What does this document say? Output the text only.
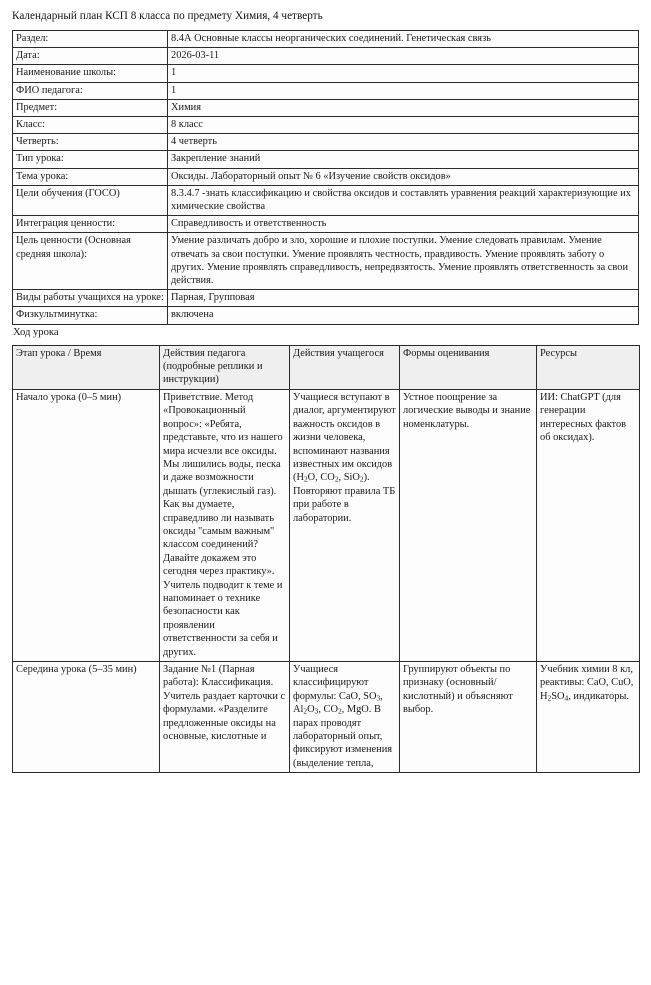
Календарный план КСП 8 класса по предмету Химия, 4 четверть
Раздел:	8.4А Основные классы неорганических соединений. Генетическая связь
Дата:	2026-03-11
Наименование школы:	1
ФИО педагога:	1
Предмет:	Химия
Класс:	8 класс
Четверть:	4 четверть
Тип урока:	Закрепление знаний
Тема урока:	Оксиды. Лабораторный опыт № 6 «Изучение свойств оксидов»
Цели обучения (ГОСО)	8.3.4.7 -знать классификацию и свойства оксидов и составлять уравнения реакций характеризующие их химические свойства
Интеграция ценности:	Справедливость и ответственность
Цель ценности (Основная средняя школа):	Умение различать добро и зло, хорошие и плохие поступки. Умение следовать правилам. Умение отвечать за свои поступки. Умение проявлять честность, правдивость. Умение проявлять заботу о других. Умение проявлять справедливость, непредвзятость. Умение проявлять ответственность за свои действия.
Виды работы учащихся на уроке:	Парная, Групповая
Физкультминутка:	включена
Ход урока
Этап урока / Время	Действия педагога (подробные реплики и инструкции)	Действия учащегося	Формы оценивания	Ресурсы
Начало урока (0–5 мин)	Приветствие. Метод «Провокационный вопрос»: «Ребята, представьте, что из нашего мира исчезли все оксиды. Мы лишились воды, песка и даже возможности дышать (углекислый газ). Как вы думаете, справедливо ли называть оксиды "самым важным" классом соединений? Давайте докажем это сегодня через практику». Учитель подводит к теме и напоминает о технике безопасности как проявлении ответственности за себя и других.	Учащиеся вступают в диалог, аргументируют важность оксидов в жизни человека, вспоминают названия известных им оксидов ($H_2O$, $CO_2$, SiO$_2$). Повторяют правила ТБ при работе в лаборатории.	Устное поощрение за логические выводы и знание номенклатуры.	ИИ: ChatGPT (для генерации интересных фактов об оксидах).
Середина урока (5–35 мин)	Задание №1 (Парная работа): Классификация. Учитель раздает карточки с формулами. «Разделите предложенные оксиды на основные, кислотные и	Учащиеся классифицируют формулы: CaO, $SO_3$, $Al_2O_3$, $CO_2$, MgO. В парах проводят лабораторный опыт, фиксируют изменения (выделение тепла,	Группируют объекты по признаку (основный/кислотный) и объясняют выбор.	Учебник химии 8 кл, реактивы: CaO, CuO, $H_2SO_4$, индикаторы.
